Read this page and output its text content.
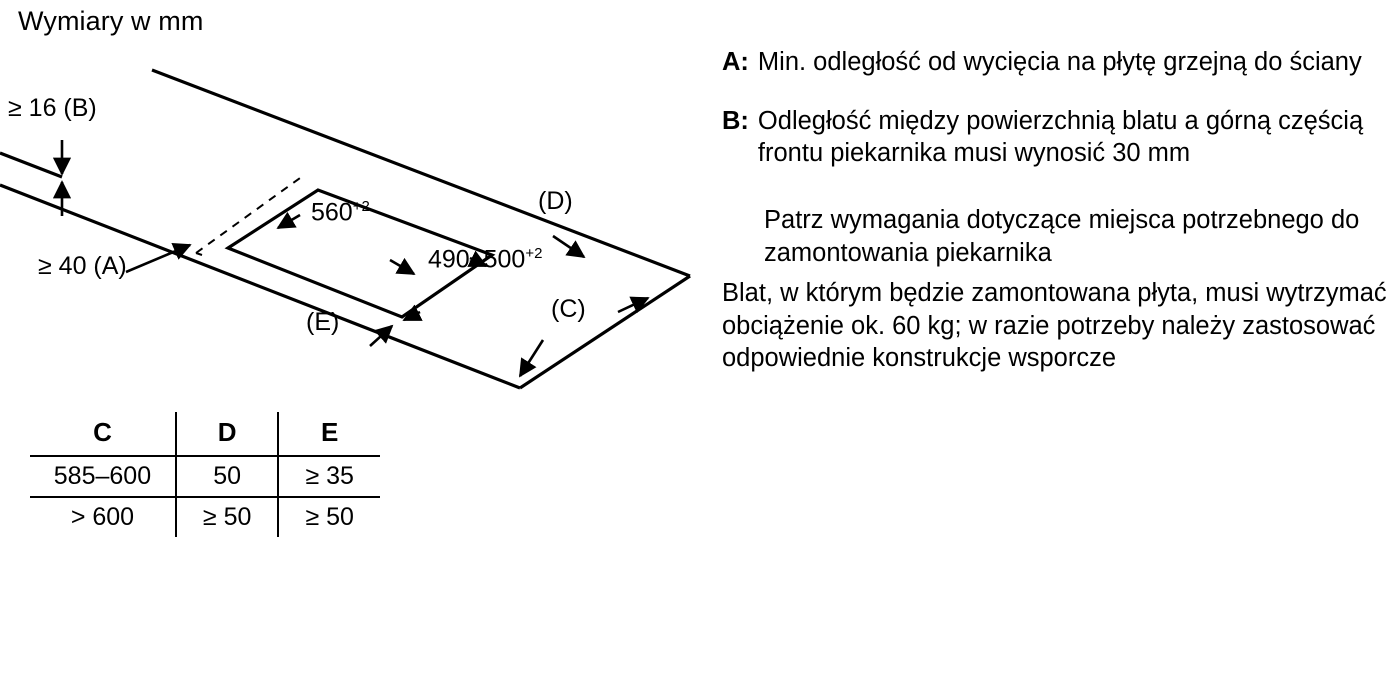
Wymiary w mm
≥ 16 (B)
≥ 40 (A)
$560^{+2}$
$490-500^{+2}$
(D)
(C)
(E)
C	D	E
585–600	50	≥ 35
> 600	≥ 50	≥ 50
A: Min. odległość od wycięcia na płytę grzejną do ściany
B: Odległość między powierzchnią blatu a górną częścią frontu piekarnika musi wynosić 30 mm
Patrz wymagania dotyczące miejsca potrzebnego do zamontowania piekarnika
Blat, w którym będzie zamontowana płyta, musi wytrzymać obciążenie ok. 60 kg; w razie potrzeby należy zastosować odpowiednie konstrukcje wsporcze
